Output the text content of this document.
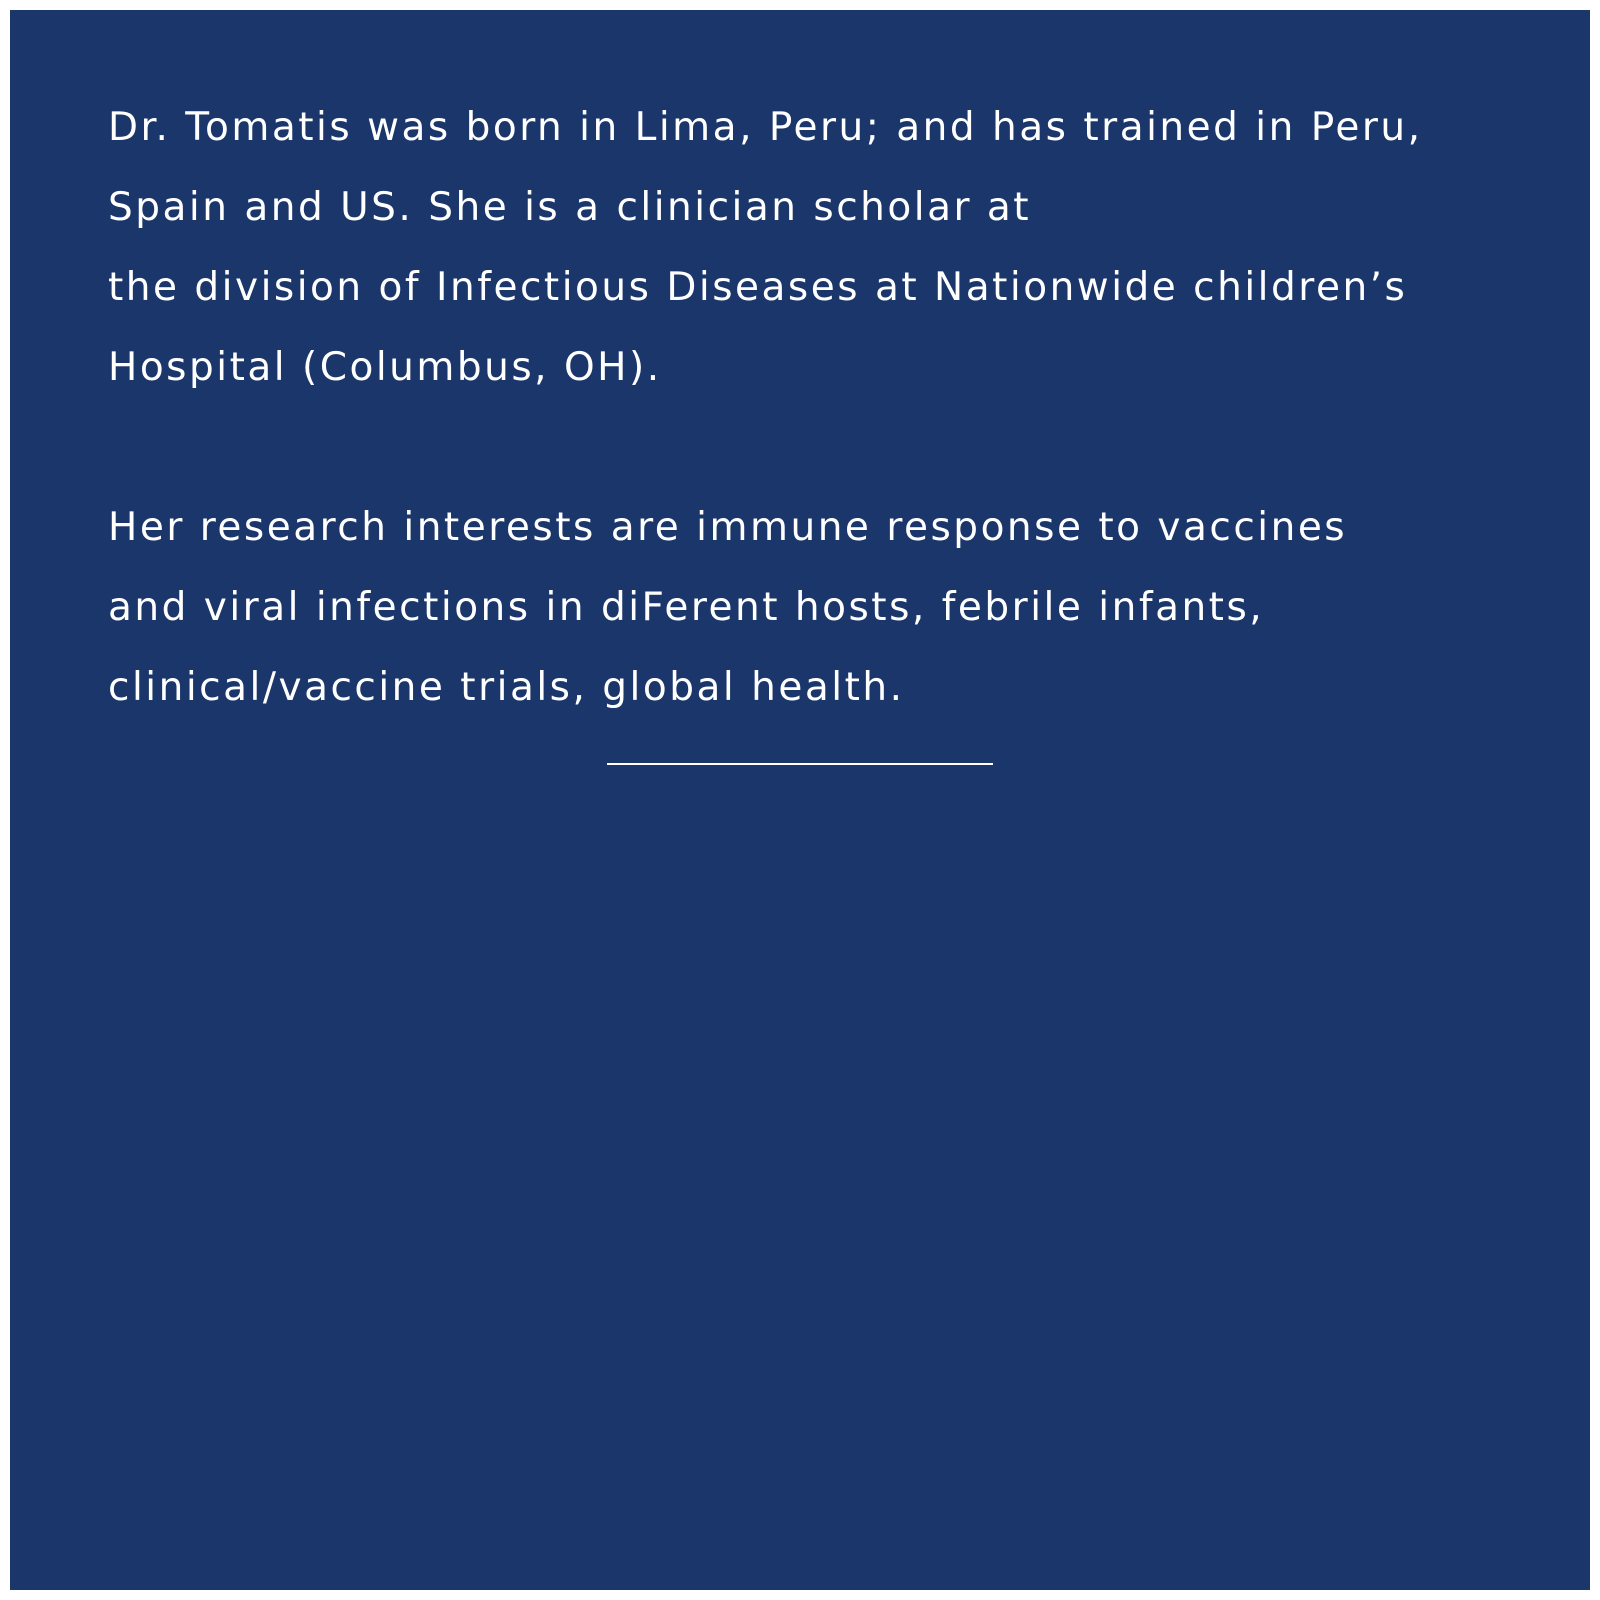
Dr. Tomatis was born in Lima, Peru; and has trained in Peru,
Spain and US. She is a clinician scholar at
the division of Infectious Diseases at Nationwide children’s
Hospital (Columbus, OH).
Her research interests are immune response to vaccines
and viral infections in diFerent hosts, febrile infants,
clinical/vaccine trials, global health.
